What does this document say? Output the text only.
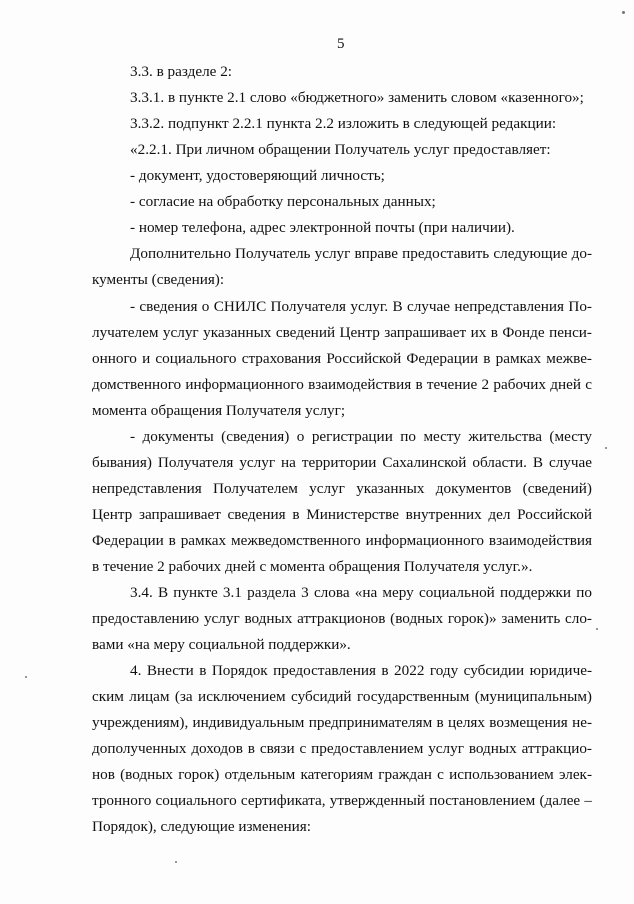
5
3.3. в разделе 2:
3.3.1. в пункте 2.1 слово «бюджетного» заменить словом «казенного»;
3.3.2. подпункт 2.2.1 пункта 2.2 изложить в следующей редакции:
«2.2.1. При личном обращении Получатель услуг предоставляет:
- документ, удостоверяющий личность;
- согласие на обработку персональных данных;
- номер телефона, адрес электронной почты (при наличии).
Дополнительно Получатель услуг вправе предоставить следующие до-
кументы (сведения):
- сведения о СНИЛС Получателя услуг. В случае непредставления По-
лучателем услуг указанных сведений Центр запрашивает их в Фонде пенси-
онного и социального страхования Российской Федерации в рамках межве-
домственного информационного взаимодействия в течение 2 рабочих дней с
момента обращения Получателя услуг;
- документы (сведения) о регистрации по месту жительства (месту
бывания) Получателя услуг на территории Сахалинской области. В случае
непредставления Получателем услуг указанных документов (сведений)
Центр запрашивает сведения в Министерстве внутренних дел Российской
Федерации в рамках межведомственного информационного взаимодействия
в течение 2 рабочих дней с момента обращения Получателя услуг.».
3.4. В пункте 3.1 раздела 3 слова «на меру социальной поддержки по
предоставлению услуг водных аттракционов (водных горок)» заменить сло-
вами «на меру социальной поддержки».
4. Внести в Порядок предоставления в 2022 году субсидии юридиче-
ским лицам (за исключением субсидий государственным (муниципальным)
учреждениям), индивидуальным предпринимателям в целях возмещения не-
дополученных доходов в связи с предоставлением услуг водных аттракцио-
нов (водных горок) отдельным категориям граждан с использованием элек-
тронного социального сертификата, утвержденный постановлением (далее –
Порядок), следующие изменения:
